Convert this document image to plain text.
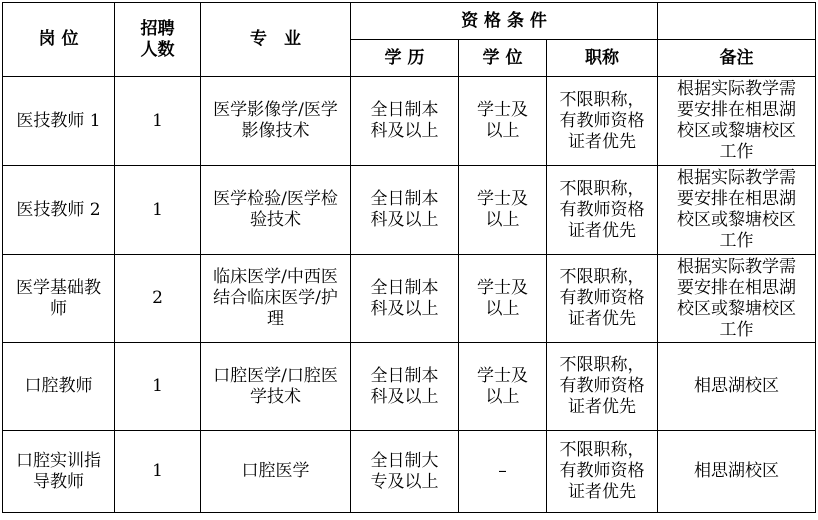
岗 位	招聘人数	专　业	资 格 条 件			
			学 历	学 位	职称	备注

医技教师 1	1	医学影像学/医学影像技术	全日制本科及以上	学士及以上	不限职称，有教师资格证者优先	根据实际教学需要安排在相思湖校区或黎塘校区工作

医技教师 2	1	医学检验/医学检验技术	全日制本科及以上	学士及以上	不限职称，有教师资格证者优先	根据实际教学需要安排在相思湖校区或黎塘校区工作

医学基础教师	2	临床医学/中西医结合临床医学/护理	全日制本科及以上	学士及以上	不限职称，有教师资格证者优先	根据实际教学需要安排在相思湖校区或黎塘校区工作

口腔教师	1	口腔医学/口腔医学技术	全日制本科及以上	学士及以上	不限职称，有教师资格证者优先	相思湖校区

口腔实训指导教师	1	口腔医学	全日制大专及以上	–	不限职称，有教师资格证者优先	相思湖校区
